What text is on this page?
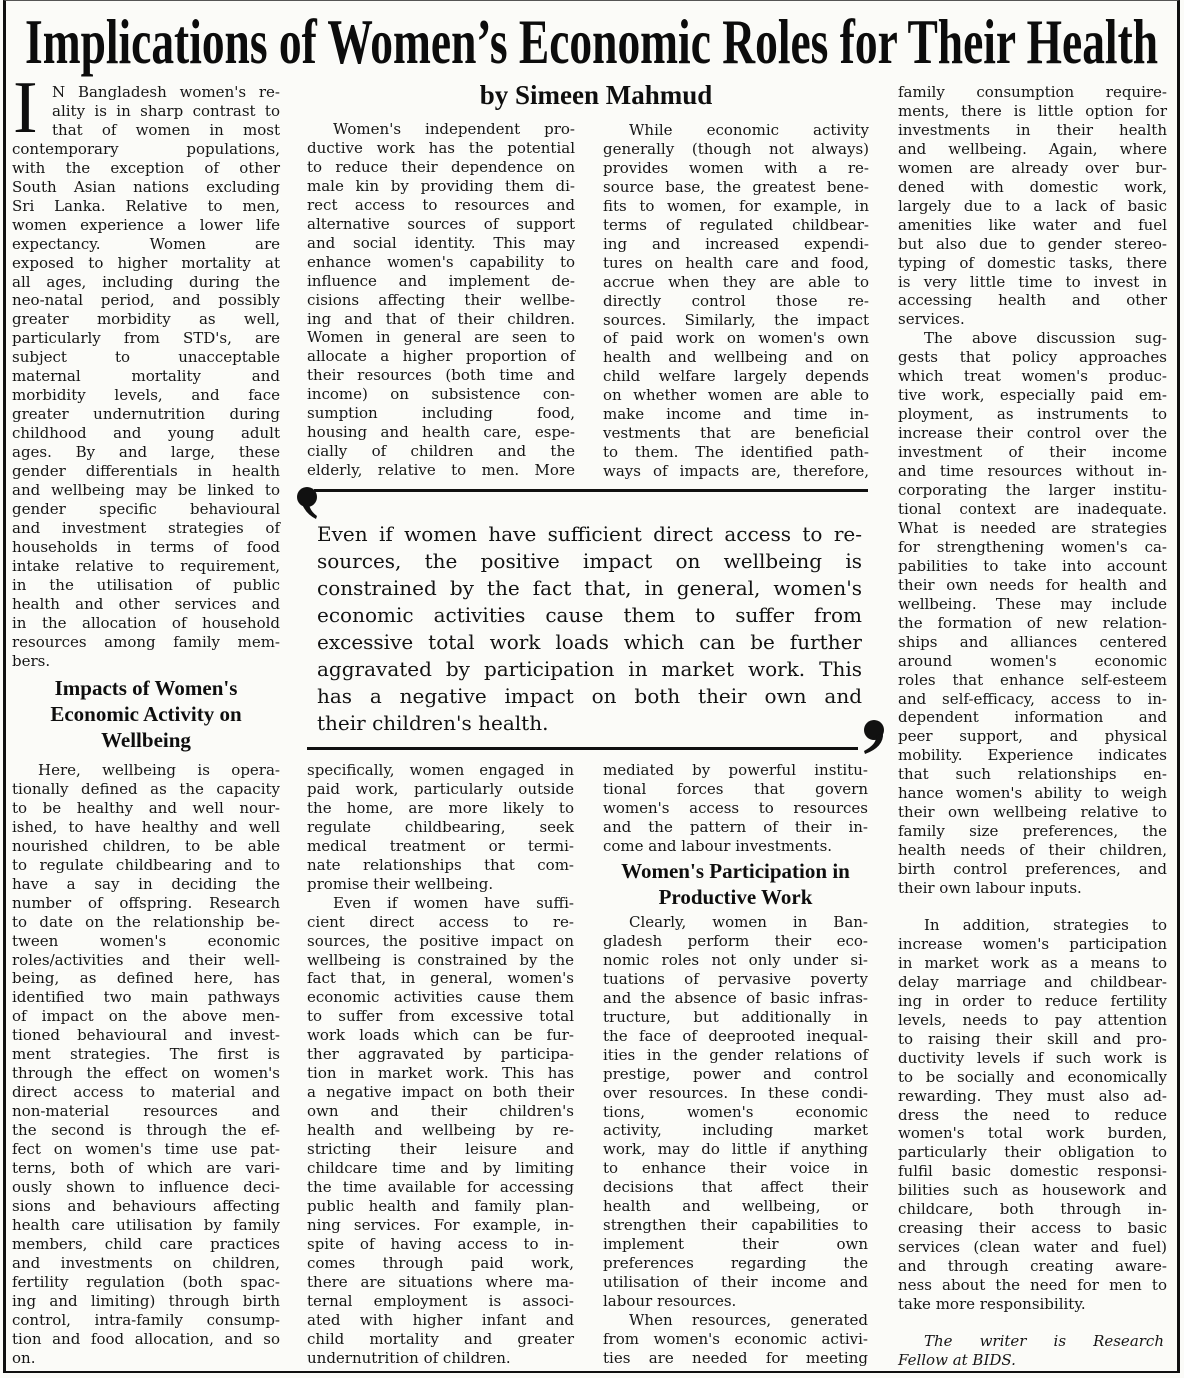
Implications of Women’s Economic Roles for Their Health
by Simeen Mahmud
I N Bangladesh women's re-
ality is in sharp contrast to
that of women in most
contemporary populations,
with the exception of other
South Asian nations excluding
Sri Lanka. Relative to men,
women experience a lower life
expectancy. Women are
exposed to higher mortality at
all ages, including during the
neo-natal period, and possibly
greater morbidity as well,
particularly from STD's, are
subject to unacceptable
maternal mortality and
morbidity levels, and face
greater undernutrition during
childhood and young adult
ages. By and large, these
gender differentials in health
and wellbeing may be linked to
gender specific behavioural
and investment strategies of
households in terms of food
intake relative to requirement,
in the utilisation of public
health and other services and
in the allocation of household
resources among family mem-
bers.
Impacts of Women's
Economic Activity on
Wellbeing
Here, wellbeing is opera-
tionally defined as the capacity
to be healthy and well nour-
ished, to have healthy and well
nourished children, to be able
to regulate childbearing and to
have a say in deciding the
number of offspring. Research
to date on the relationship be-
tween women's economic
roles/activities and their well-
being, as defined here, has
identified two main pathways
of impact on the above men-
tioned behavioural and invest-
ment strategies. The first is
through the effect on women's
direct access to material and
non-material resources and
the second is through the ef-
fect on women's time use pat-
terns, both of which are vari-
ously shown to influence deci-
sions and behaviours affecting
health care utilisation by family
members, child care practices
and investments on children,
fertility regulation (both spac-
ing and limiting) through birth
control, intra-family consump-
tion and food allocation, and so
on.
Women's independent pro-
ductive work has the potential
to reduce their dependence on
male kin by providing them di-
rect access to resources and
alternative sources of support
and social identity. This may
enhance women's capability to
influence and implement de-
cisions affecting their wellbe-
ing and that of their children.
Women in general are seen to
allocate a higher proportion of
their resources (both time and
income) on subsistence con-
sumption including food,
housing and health care, espe-
cially of children and the
elderly, relative to men. More
While economic activity
generally (though not always)
provides women with a re-
source base, the greatest bene-
fits to women, for example, in
terms of regulated childbear-
ing and increased expendi-
tures on health care and food,
accrue when they are able to
directly control those re-
sources. Similarly, the impact
of paid work on women's own
health and wellbeing and on
child welfare largely depends
on whether women are able to
make income and time in-
vestments that are beneficial
to them. The identified path-
ways of impacts are, therefore,
Even if women have sufficient direct access to re-
sources, the positive impact on wellbeing is
constrained by the fact that, in general, women's
economic activities cause them to suffer from
excessive total work loads which can be further
aggravated by participation in market work. This
has a negative impact on both their own and
their children's health.
specifically, women engaged in
paid work, particularly outside
the home, are more likely to
regulate childbearing, seek
medical treatment or termi-
nate relationships that com-
promise their wellbeing.
Even if women have suffi-
cient direct access to re-
sources, the positive impact on
wellbeing is constrained by the
fact that, in general, women's
economic activities cause them
to suffer from excessive total
work loads which can be fur-
ther aggravated by participa-
tion in market work. This has
a negative impact on both their
own and their children's
health and wellbeing by re-
stricting their leisure and
childcare time and by limiting
the time available for accessing
public health and family plan-
ning services. For example, in-
spite of having access to in-
comes through paid work,
there are situations where ma-
ternal employment is associ-
ated with higher infant and
child mortality and greater
undernutrition of children.
mediated by powerful institu-
tional forces that govern
women's access to resources
and the pattern of their in-
come and labour investments.
Women's Participation in
Productive Work
Clearly, women in Ban-
gladesh perform their eco-
nomic roles not only under si-
tuations of pervasive poverty
and the absence of basic infras-
tructure, but additionally in
the face of deeprooted inequal-
ities in the gender relations of
prestige, power and control
over resources. In these condi-
tions, women's economic
activity, including market
work, may do little if anything
to enhance their voice in
decisions that affect their
health and wellbeing, or
strengthen their capabilities to
implement their own
preferences regarding the
utilisation of their income and
labour resources.
When resources, generated
from women's economic activi-
ties are needed for meeting
family consumption require-
ments, there is little option for
investments in their health
and wellbeing. Again, where
women are already over bur-
dened with domestic work,
largely due to a lack of basic
amenities like water and fuel
but also due to gender stereo-
typing of domestic tasks, there
is very little time to invest in
accessing health and other
services.
The above discussion sug-
gests that policy approaches
which treat women's produc-
tive work, especially paid em-
ployment, as instruments to
increase their control over the
investment of their income
and time resources without in-
corporating the larger institu-
tional context are inadequate.
What is needed are strategies
for strengthening women's ca-
pabilities to take into account
their own needs for health and
wellbeing. These may include
the formation of new relation-
ships and alliances centered
around women's economic
roles that enhance self-esteem
and self-efficacy, access to in-
dependent information and
peer support, and physical
mobility. Experience indicates
that such relationships en-
hance women's ability to weigh
their own wellbeing relative to
family size preferences, the
health needs of their children,
birth control preferences, and
their own labour inputs.
In addition, strategies to
increase women's participation
in market work as a means to
delay marriage and childbear-
ing in order to reduce fertility
levels, needs to pay attention
to raising their skill and pro-
ductivity levels if such work is
to be socially and economically
rewarding. They must also ad-
dress the need to reduce
women's total work burden,
particularly their obligation to
fulfil basic domestic responsi-
bilities such as housework and
childcare, both through in-
creasing their access to basic
services (clean water and fuel)
and through creating aware-
ness about the need for men to
take more responsibility.
The writer is Research
Fellow at BIDS.
